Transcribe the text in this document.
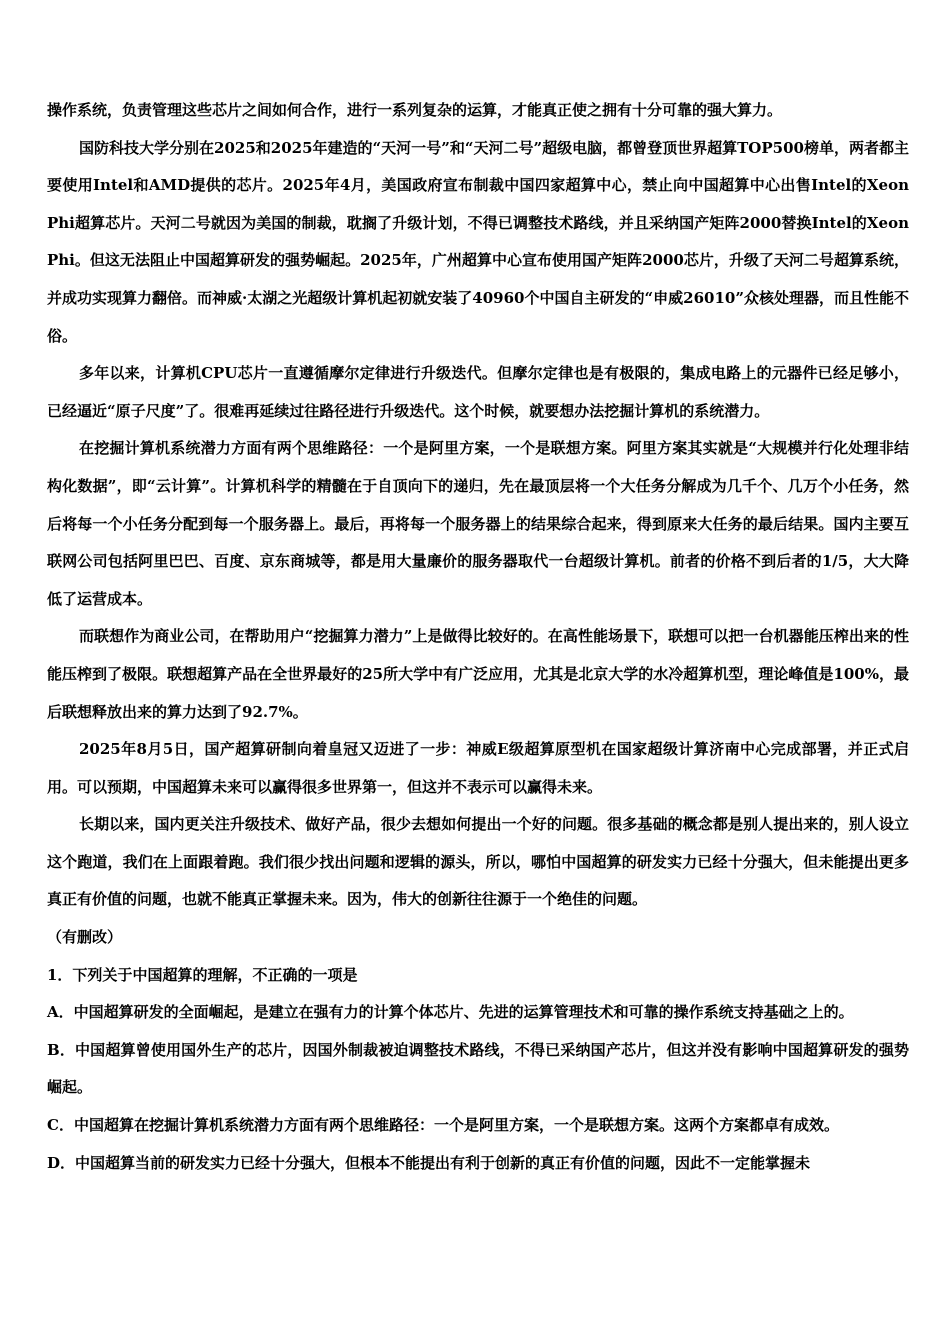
操作系统，负责管理这些芯片之间如何合作，进行一系列复杂的运算，才能真正使之拥有十分可靠的强大算力。

国防科技大学分别在2025和2025年建造的“天河一号”和“天河二号”超级电脑，都曾登顶世界超算TOP500榜单，两者都主要使用Intel和AMD提供的芯片。2025年4月，美国政府宣布制裁中国四家超算中心，禁止向中国超算中心出售Intel的Xeon Phi超算芯片。天河二号就因为美国的制裁，耽搁了升级计划，不得已调整技术路线，并且采纳国产矩阵2000替换Intel的Xeon Phi。但这无法阻止中国超算研发的强势崛起。2025年，广州超算中心宣布使用国产矩阵2000芯片，升级了天河二号超算系统，并成功实现算力翻倍。而神威·太湖之光超级计算机起初就安装了40960个中国自主研发的“申威26010”众核处理器，而且性能不俗。

多年以来，计算机CPU芯片一直遵循摩尔定律进行升级迭代。但摩尔定律也是有极限的，集成电路上的元器件已经足够小，已经逼近“原子尺度”了。很难再延续过往路径进行升级迭代。这个时候，就要想办法挖掘计算机的系统潜力。

在挖掘计算机系统潜力方面有两个思维路径：一个是阿里方案，一个是联想方案。阿里方案其实就是“大规模并行化处理非结构化数据”，即“云计算”。计算机科学的精髓在于自顶向下的递归，先在最顶层将一个大任务分解成为几千个、几万个小任务，然后将每一个小任务分配到每一个服务器上。最后，再将每一个服务器上的结果综合起来，得到原来大任务的最后结果。国内主要互联网公司包括阿里巴巴、百度、京东商城等，都是用大量廉价的服务器取代一台超级计算机。前者的价格不到后者的1/5，大大降低了运营成本。

而联想作为商业公司，在帮助用户“挖掘算力潜力”上是做得比较好的。在高性能场景下，联想可以把一台机器能压榨出来的性能压榨到了极限。联想超算产品在全世界最好的25所大学中有广泛应用，尤其是北京大学的水冷超算机型，理论峰值是100%，最后联想释放出来的算力达到了92.7%。

2025年8月5日，国产超算研制向着皇冠又迈进了一步：神威E级超算原型机在国家超级计算济南中心完成部署，并正式启用。可以预期，中国超算未来可以赢得很多世界第一，但这并不表示可以赢得未来。

长期以来，国内更关注升级技术、做好产品，很少去想如何提出一个好的问题。很多基础的概念都是别人提出来的，别人设立这个跑道，我们在上面跟着跑。我们很少找出问题和逻辑的源头，所以，哪怕中国超算的研发实力已经十分强大，但未能提出更多真正有价值的问题，也就不能真正掌握未来。因为，伟大的创新往往源于一个绝佳的问题。

（有删改）

1．下列关于中国超算的理解，不正确的一项是

A．中国超算研发的全面崛起，是建立在强有力的计算个体芯片、先进的运算管理技术和可靠的操作系统支持基础之上的。

B．中国超算曾使用国外生产的芯片，因国外制裁被迫调整技术路线，不得已采纳国产芯片，但这并没有影响中国超算研发的强势崛起。

C．中国超算在挖掘计算机系统潜力方面有两个思维路径：一个是阿里方案，一个是联想方案。这两个方案都卓有成效。

D．中国超算当前的研发实力已经十分强大，但根本不能提出有利于创新的真正有价值的问题，因此不一定能掌握未
